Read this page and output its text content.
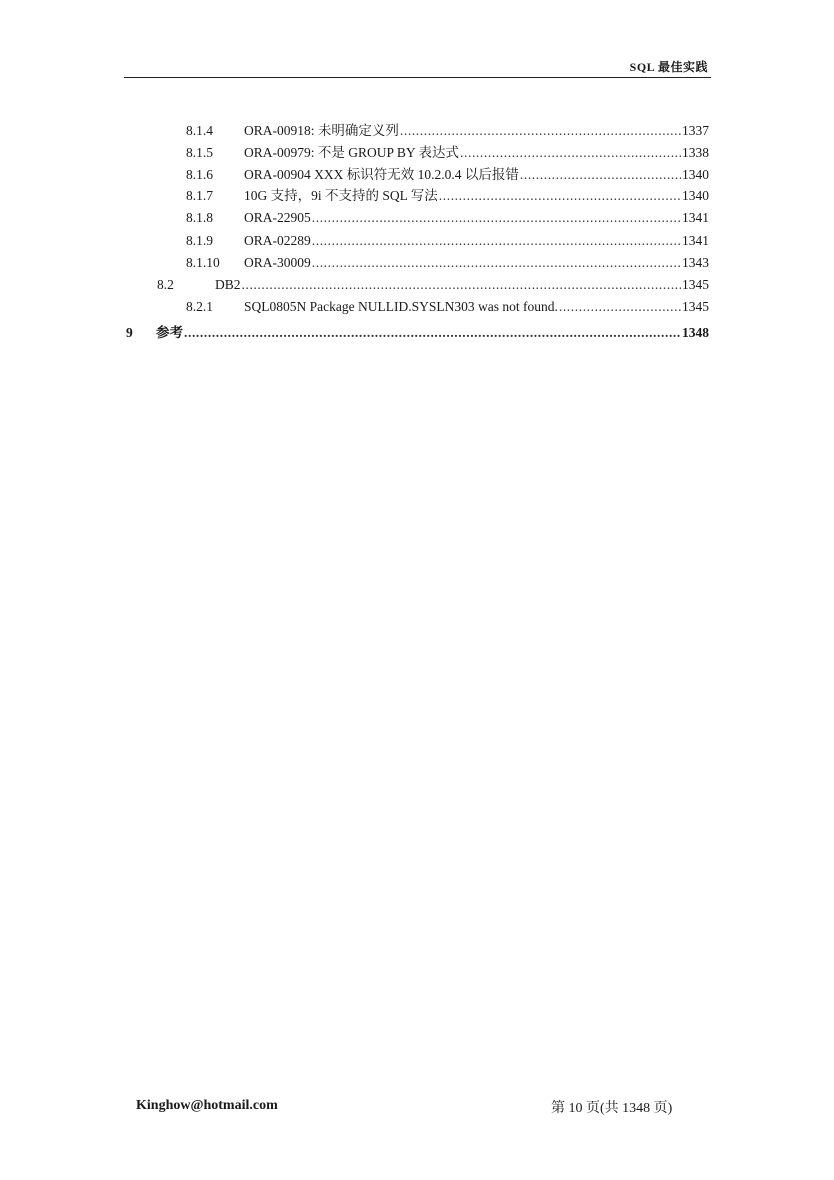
SQL 最佳实践
8.1.4 ORA-00918: 未明确定义列 .....	1337
8.1.5 ORA-00979: 不是 GROUP BY 表达式 .....	1338
8.1.6 ORA-00904 XXX 标识符无效 10.2.0.4 以后报错 .....	1340
8.1.7 10G 支持，9i 不支持的 SQL 写法 .....	1340
8.1.8 ORA-22905 .....	1341
8.1.9 ORA-02289 .....	1341
8.1.10 ORA-30009 .....	1343
8.2	DB2 .....	1345
8.2.1 SQL0805N Package NULLID.SYSLN303 was not found. .....	1345
9 参考 .....	1348
Kinghow@hotmail.com	第 10 页(共 1348 页)
